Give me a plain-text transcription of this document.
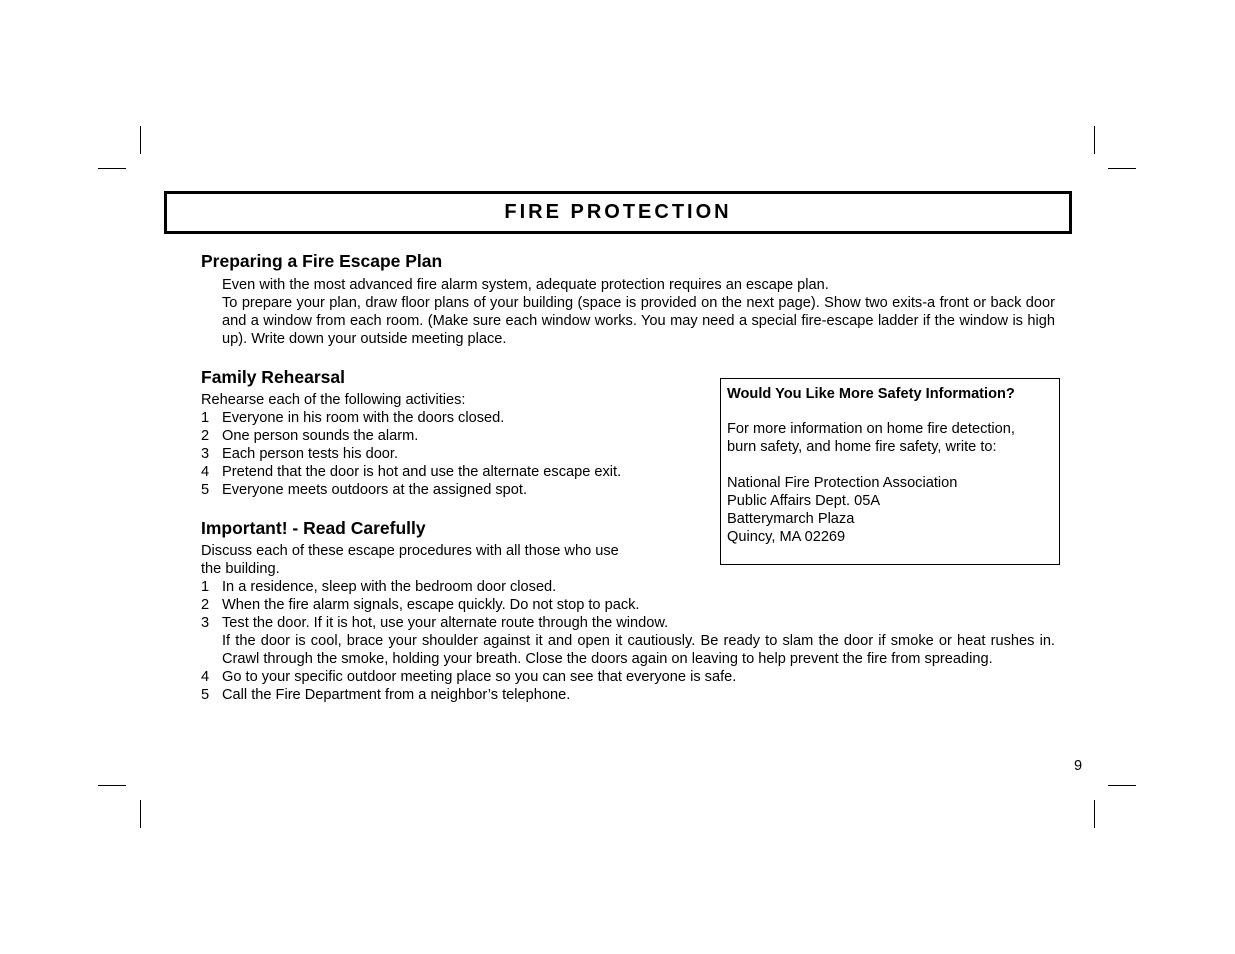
FIRE PROTECTION
Preparing a Fire Escape Plan
Even with the most advanced fire alarm system, adequate protection requires an escape plan.
To prepare your plan, draw floor plans of your building (space is provided on the next page). Show two exits-a front or back door and a window from each room. (Make sure each window works. You may need a special fire-escape ladder if the window is high up). Write down your outside meeting place.
Family Rehearsal
Rehearse each of the following activities:
1 Everyone in his room with the doors closed.
2 One person sounds the alarm.
3 Each person tests his door.
4 Pretend that the door is hot and use the alternate escape exit.
5 Everyone meets outdoors at the assigned spot.
Important! - Read Carefully
Discuss each of these escape procedures with all those who use
the building.
1 In a residence, sleep with the bedroom door closed.
2 When the fire alarm signals, escape quickly. Do not stop to pack.
3 Test the door. If it is hot, use your alternate route through the window.
If the door is cool, brace your shoulder against it and open it cautiously. Be ready to slam the door if smoke or heat rushes in. Crawl through the smoke, holding your breath. Close the doors again on leaving to help prevent the fire from spreading.
4 Go to your specific outdoor meeting place so you can see that everyone is safe.
5 Call the Fire Department from a neighbor’s telephone.
Would You Like More Safety Information?
For more information on home fire detection,
burn safety, and home fire safety, write to:
National Fire Protection Association
Public Affairs Dept. 05A
Batterymarch Plaza
Quincy, MA 02269
9
